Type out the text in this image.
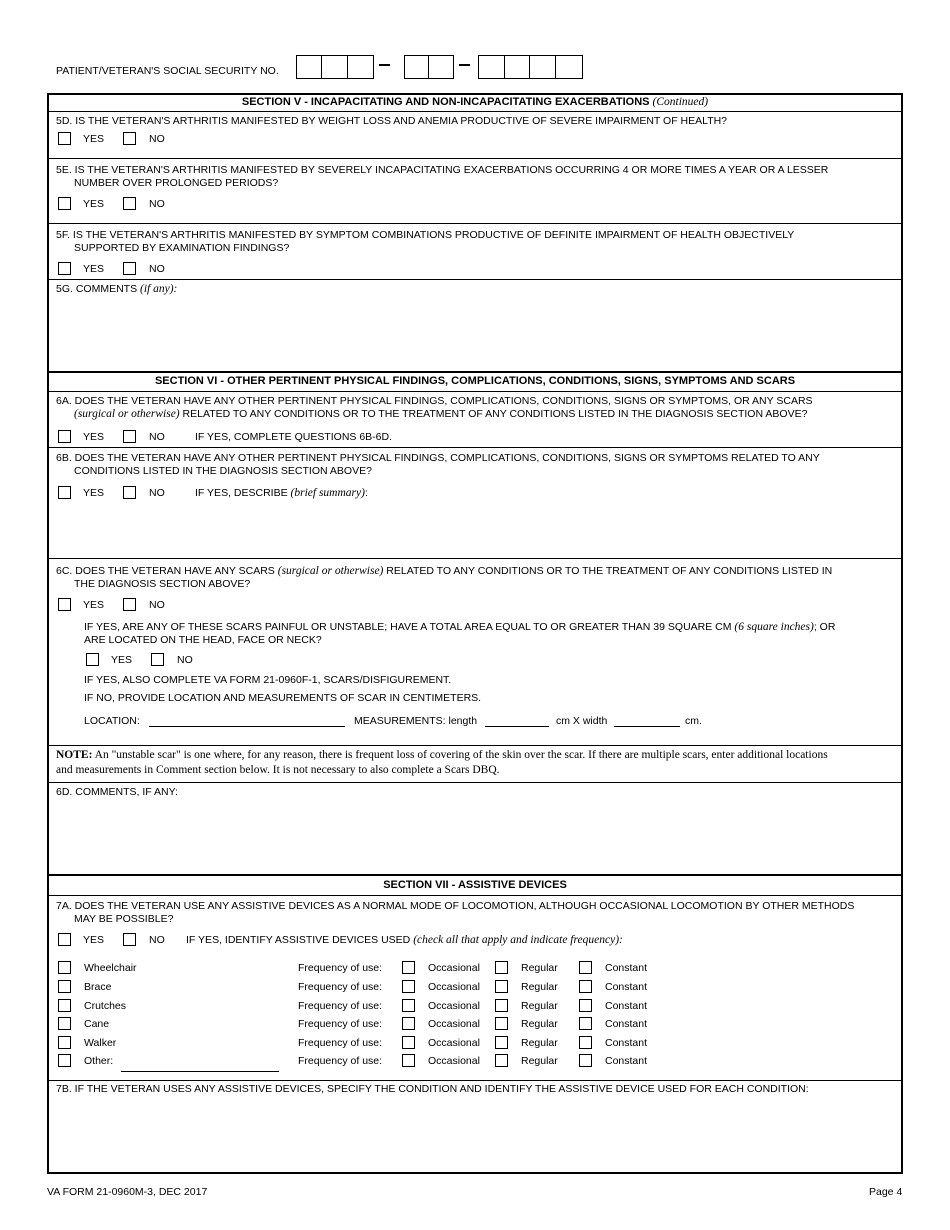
PATIENT/VETERAN'S SOCIAL SECURITY NO.
SECTION V - INCAPACITATING AND NON-INCAPACITATING EXACERBATIONS (Continued)
5D. IS THE VETERAN'S ARTHRITIS MANIFESTED BY WEIGHT LOSS AND ANEMIA PRODUCTIVE OF SEVERE IMPAIRMENT OF HEALTH?
YES	NO
5E. IS THE VETERAN'S ARTHRITIS MANIFESTED BY SEVERELY INCAPACITATING EXACERBATIONS OCCURRING 4 OR MORE TIMES A YEAR OR A LESSER
NUMBER OVER PROLONGED PERIODS?
YES	NO
5F. IS THE VETERAN'S ARTHRITIS MANIFESTED BY SYMPTOM COMBINATIONS PRODUCTIVE OF DEFINITE IMPAIRMENT OF HEALTH OBJECTIVELY
SUPPORTED BY EXAMINATION FINDINGS?
YES	NO
5G. COMMENTS (if any):
SECTION VI - OTHER PERTINENT PHYSICAL FINDINGS, COMPLICATIONS, CONDITIONS, SIGNS, SYMPTOMS AND SCARS
6A. DOES THE VETERAN HAVE ANY OTHER PERTINENT PHYSICAL FINDINGS, COMPLICATIONS, CONDITIONS, SIGNS OR SYMPTOMS, OR ANY SCARS
(surgical or otherwise) RELATED TO ANY CONDITIONS OR TO THE TREATMENT OF ANY CONDITIONS LISTED IN THE DIAGNOSIS SECTION ABOVE?
YES	NO	IF YES, COMPLETE QUESTIONS 6B-6D.
6B. DOES THE VETERAN HAVE ANY OTHER PERTINENT PHYSICAL FINDINGS, COMPLICATIONS, CONDITIONS, SIGNS OR SYMPTOMS RELATED TO ANY
CONDITIONS LISTED IN THE DIAGNOSIS SECTION ABOVE?
YES	NO	IF YES, DESCRIBE (brief summary):
6C. DOES THE VETERAN HAVE ANY SCARS (surgical or otherwise) RELATED TO ANY CONDITIONS OR TO THE TREATMENT OF ANY CONDITIONS LISTED IN
THE DIAGNOSIS SECTION ABOVE?
YES	NO
IF YES, ARE ANY OF THESE SCARS PAINFUL OR UNSTABLE; HAVE A TOTAL AREA EQUAL TO OR GREATER THAN 39 SQUARE CM (6 square inches); OR
ARE LOCATED ON THE HEAD, FACE OR NECK?
YES	NO
IF YES, ALSO COMPLETE VA FORM 21-0960F-1, SCARS/DISFIGUREMENT.
IF NO, PROVIDE LOCATION AND MEASUREMENTS OF SCAR IN CENTIMETERS.
LOCATION:	MEASUREMENTS: length	cm X width	cm.
NOTE: An "unstable scar" is one where, for any reason, there is frequent loss of covering of the skin over the scar. If there are multiple scars, enter additional locations
and measurements in Comment section below. It is not necessary to also complete a Scars DBQ.
6D. COMMENTS, IF ANY:
SECTION VII - ASSISTIVE DEVICES
7A. DOES THE VETERAN USE ANY ASSISTIVE DEVICES AS A NORMAL MODE OF LOCOMOTION, ALTHOUGH OCCASIONAL LOCOMOTION BY OTHER METHODS
MAY BE POSSIBLE?
YES	NO IF YES, IDENTIFY ASSISTIVE DEVICES USED (check all that apply and indicate frequency):
Wheelchair	Frequency of use:	Occasional	Regular	Constant
Brace	Frequency of use:	Occasional	Regular	Constant
Crutches	Frequency of use:	Occasional	Regular	Constant
Cane	Frequency of use:	Occasional	Regular	Constant
Walker	Frequency of use:	Occasional	Regular	Constant
Other:	Frequency of use:	Occasional	Regular	Constant
7B. IF THE VETERAN USES ANY ASSISTIVE DEVICES, SPECIFY THE CONDITION AND IDENTIFY THE ASSISTIVE DEVICE USED FOR EACH CONDITION:
VA FORM 21-0960M-3, DEC 2017	Page 4
